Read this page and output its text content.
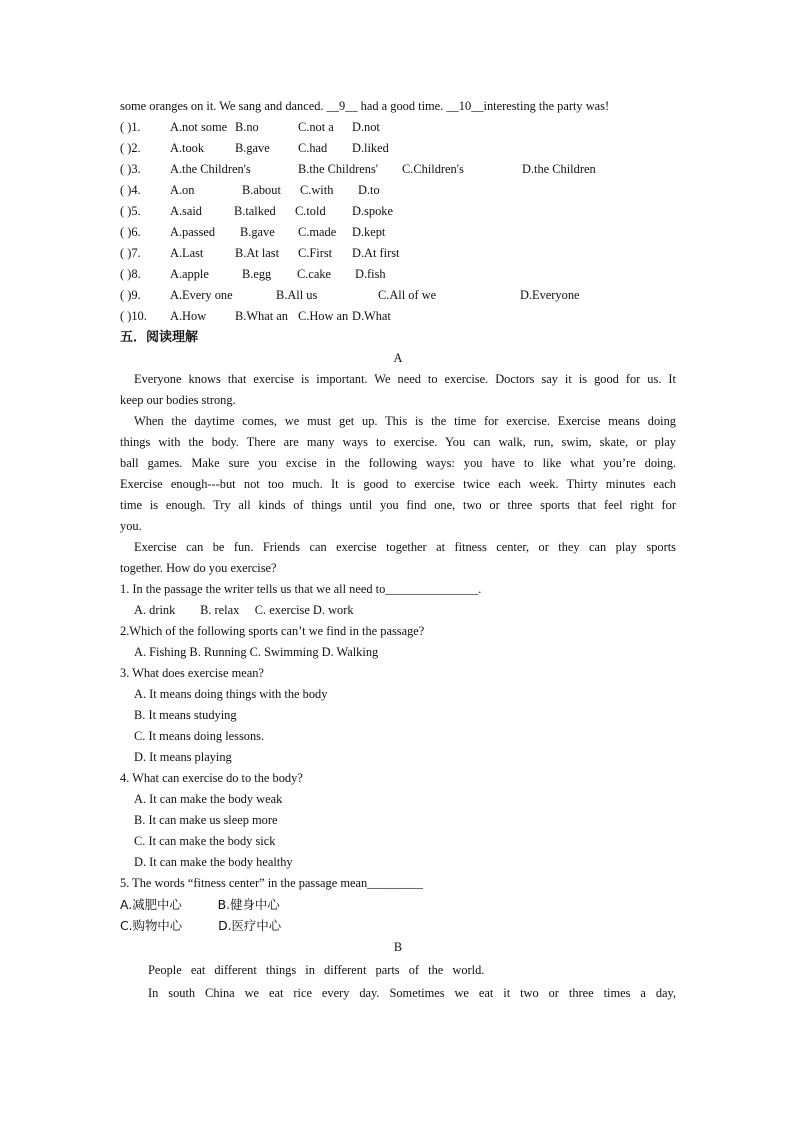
some oranges on it. We sang and danced. __9__ had a good time. __10__interesting the party was!
( )1. A.not some B.no	C.not a D.not
( )2. A.took B.gave C.had D.liked
( )3. A.the Children's	B.the Childrens' C.Children's	D.the Children
( )4. A.on	B.about C.with D.to
( )5. A.said	B.talked C.told D.spoke
( )6. A.passed B.gave C.made D.kept
( )7. A.Last	B.At last C.First D.At first
( )8. A.apple	B.egg C.cake D.fish
( )9. A.Every one	B.All us	C.All of we	D.Everyone
( )10. A.How B.What an C.How an D.What
五．阅读理解
A
Everyone knows that exercise is important. We need to exercise. Doctors say it is good for us. It
keep our bodies strong.
When the daytime comes, we must get up. This is the time for exercise. Exercise means doing
things with the body. There are many ways to exercise. You can walk, run, swim, skate, or play
ball games. Make sure you excise in the following ways: you have to like what you’re doing.
Exercise enough---but not too much. It is good to exercise twice each week. Thirty minutes each
time is enough. Try all kinds of things until you find one, two or three sports that feel right for
you.
Exercise can be fun. Friends can exercise together at fitness center, or they can play sports
together. How do you exercise?
1. In the passage the writer tells us that we all need to_______________.
A. drink        B. relax     C. exercise D. work
2.Which of the following sports can’t we find in the passage?
A. Fishing B. Running C. Swimming D. Walking
3. What does exercise mean?
A. It means doing things with the body
B. It means studying
C. It means doing lessons.
D. It means playing
4. What can exercise do to the body?
A. It can make the body weak
B. It can make us sleep more
C. It can make the body sick
D. It can make the body healthy
5. The words “fitness center” in the passage mean_________
A.减肥中心	B.健身中心
C.购物中心	D.医疗中心
B
People eat different things in different parts of the world.
In south China we eat rice every day. Sometimes we eat it two or three times a day,
